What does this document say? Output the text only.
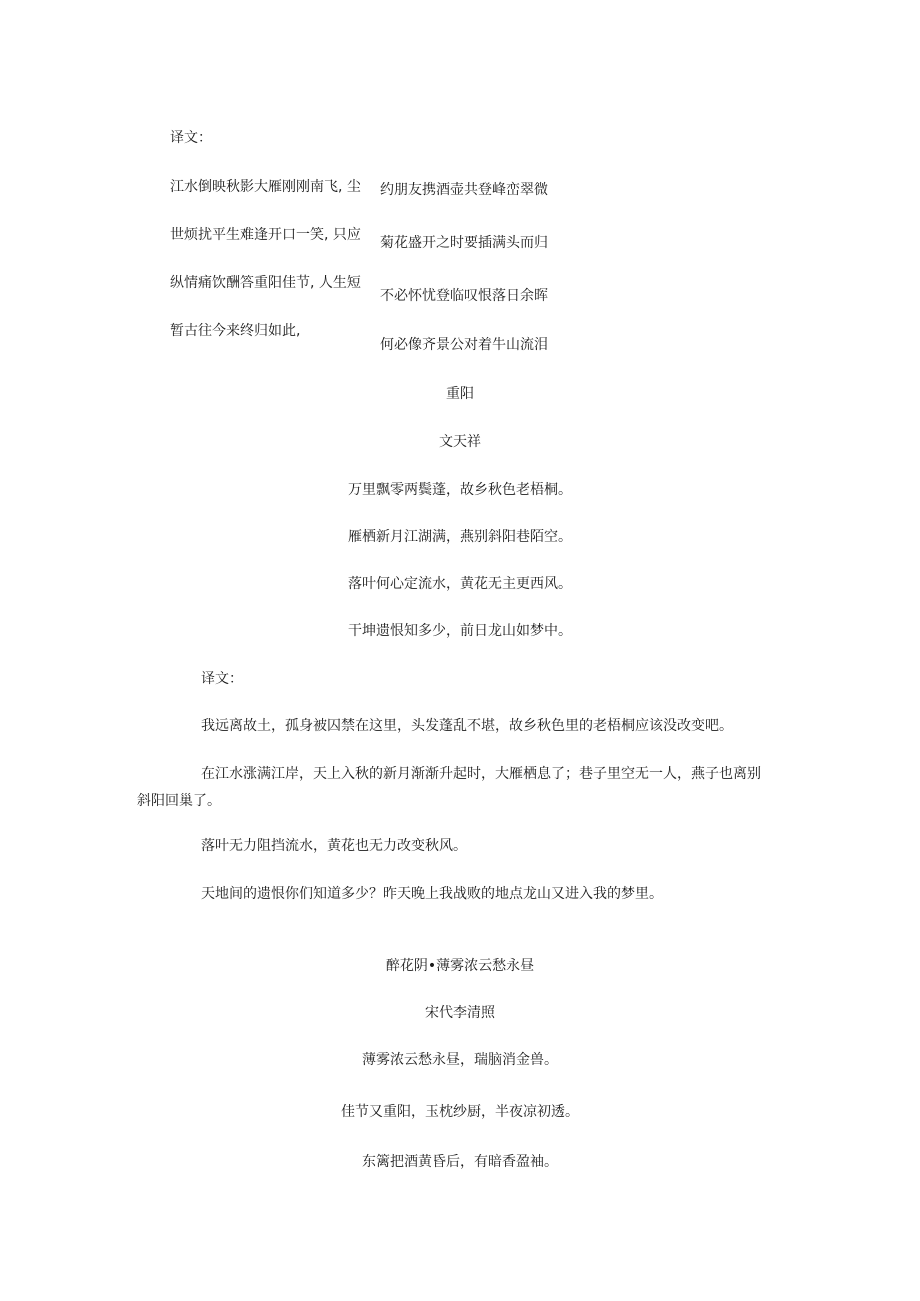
译文：
江水倒映秋影大雁刚刚南飞, 尘
世烦扰平生难逢开口一笑, 只应
纵情痛饮酬答重阳佳节, 人生短
暂古往今来终归如此,
约朋友携酒壶共登峰峦翠微
菊花盛开之时要插满头而归
不必怀忧登临叹恨落日余晖
何必像齐景公对着牛山流泪
重阳
文天祥
万里飘零两鬓蓬，故乡秋色老梧桐。
雁栖新月江湖满，燕别斜阳巷陌空。
落叶何心定流水，黄花无主更西风。
干坤遗恨知多少，前日龙山如梦中。
译文：
我远离故土，孤身被囚禁在这里，头发蓬乱不堪，故乡秋色里的老梧桐应该没改变吧。
在江水涨满江岸，天上入秋的新月渐渐升起时，大雁栖息了；巷子里空无一人，燕子也离别
斜阳回巢了。
落叶无力阻挡流水，黄花也无力改变秋风。
天地间的遗恨你们知道多少？昨天晚上我战败的地点龙山又进入我的梦里。
醉花阴•薄雾浓云愁永昼
宋代李清照
薄雾浓云愁永昼，瑞脑消金兽。
佳节又重阳，玉枕纱厨，半夜凉初透。
东篱把酒黄昏后，有暗香盈袖。
